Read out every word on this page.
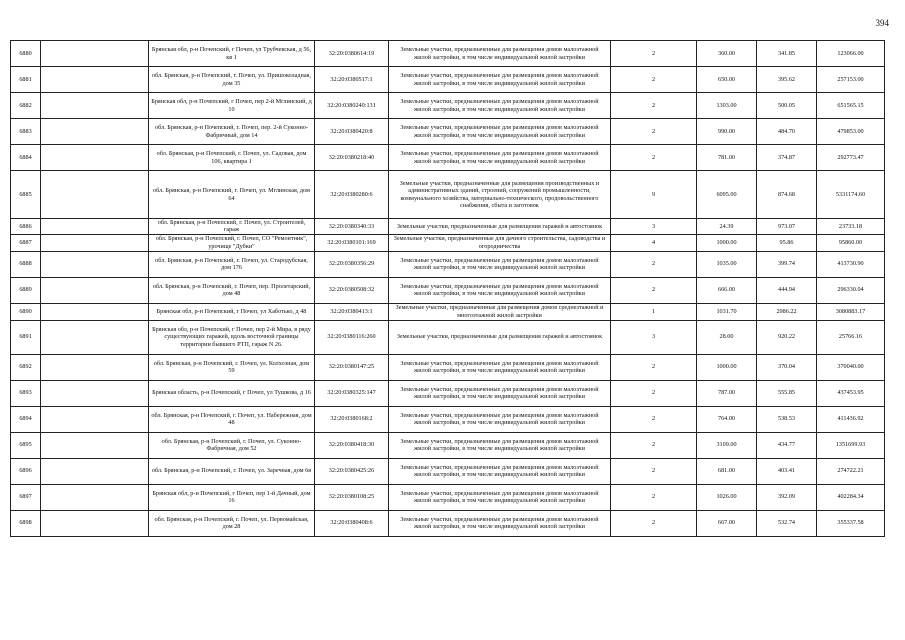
394
6880		Брянская обл, р-н Почепский, г Почеп, ул Трубчевская, д 56, кв 1	32:20:0380614:19	Земельные участки, предназначенные для размещения домов малоэтажной жилой застройки, в том числе индивидуальной жилой застройки	2	360.00	341.85	123066.00
6881		обл. Брянская, р-н Почепский, г. Почеп, ул. Пришоколадная, дом 35	32:20:0380517:1	Земельные участки, предназначенные для размещения домов малоэтажной жилой застройки, в том числе индивидуальной жилой застройки	2	650.00	395.62	257153.00
6882		Брянская обл, р-н Почепский, г Почеп, пер 2-й Мглинский, д 10	32:20:0380240:131	Земельные участки, предназначенные для размещения домов малоэтажной жилой застройки, в том числе индивидуальной жилой застройки	2	1303.00	500.05	651565.15
6883		обл. Брянская, р-н Почепский, г. Почеп, пер. 2-й Суконно-Фабричный, дом 14	32:20:0380420:8	Земельные участки, предназначенные для размещения домов малоэтажной жилой застройки, в том числе индивидуальной жилой застройки	2	990.00	484.70	479853.00
6884		обл. Брянская, р-н Почепский, г. Почеп, ул. Садовая, дом 106, квартира 1	32:20:0380218:40	Земельные участки, предназначенные для размещения домов малоэтажной жилой застройки, в том числе индивидуальной жилой застройки	2	781.00	374.87	292773.47
6885		обл. Брянская, р-н Почепский, г. Почеп, ул. Мглинская, дом 64	32:20:0380280:6	Земельные участки, предназначенные для размещения производственных и административных зданий, строений, сооружений промышленности, коммунального хозяйства, материально-технического, продовольственного снабжения, сбыта и заготовок	9	6095.00	874.68	5331174.60
6886		обл. Брянская, р-н Почепский, г. Почеп, ул. Строителей, гараж	32:20:0380340:33	Земельные участки, предназначенные для размещения гаражей и автостоянок	3	24.39	973.07	23733.18
6887		обл. Брянская, р-н Почепский, г. Почеп, СО "Ремонтник", урочище "Дубки"	32:20:0380101:169	Земельные участки, предназначенные для дачного строительства, садоводства и огородничества	4	1000.00	95.86	95860.00
6888		обл. Брянская, р-н Почепский, г. Почеп, ул. Стародубская, дом 176	32:20:0380356:29	Земельные участки, предназначенные для размещения домов малоэтажной жилой застройки, в том числе индивидуальной жилой застройки	2	1035.00	399.74	413730.90
6889		обл. Брянская, р-н Почепский, г. Почеп, пер. Пролетарский, дом 48	32:20:0380508:32	Земельные участки, предназначенные для размещения домов малоэтажной жилой застройки, в том числе индивидуальной жилой застройки	2	666.00	444.94	296330.04
6890		Брянская обл, р-н Почепский, г Почеп, ул Хаботько, д 48	32:20:0380413:1	Земельные участки, предназначенные для размещения домов среднеэтажной и многоэтажной жилой застройки	1	1031.70	2986.22	3080883.17
6891		Брянская обл, р-н Почепский, г Почеп, пер 2-й Мира, в ряду существующих гаражей, вдоль восточной границы территории бывшего РТП, гараж N 26.	32:20:0380116:260	Земельные участки, предназначенные для размещения гаражей и автостоянок	3	28.00	920.22	25766.16
6892		обл. Брянская, р-н Почепский, г. Почеп, ул. Колхозная, дом 59	32:20:0380147:25	Земельные участки, предназначенные для размещения домов малоэтажной жилой застройки, в том числе индивидуальной жилой застройки	2	1000.00	370.04	370040.00
6893		Брянская область, р-н Почепский, г Почеп, ул Тушкова, д 16	32:20:0380325:147	Земельные участки, предназначенные для размещения домов малоэтажной жилой застройки, в том числе индивидуальной жилой застройки	2	787.00	555.85	437453.95
6894		обл. Брянская, р-н Почепский, г. Почеп, ул. Набережная, дом 48	32:20:0380168:2	Земельные участки, предназначенные для размещения домов малоэтажной жилой застройки, в том числе индивидуальной жилой застройки	2	764.00	538.53	411436.92
6895		обл. Брянская, р-н Почепский, г. Почеп, ул. Суконно-Фабричная, дом 52	32:20:0380418:30	Земельные участки, предназначенные для размещения домов малоэтажной жилой застройки, в том числе индивидуальной жилой застройки	2	3109.00	434.77	1351699.93
6896		обл. Брянская, р-н Почепский, г. Почеп, ул. Заречная, дом 6в	32:20:0380425:26	Земельные участки, предназначенные для размещения домов малоэтажной жилой застройки, в том числе индивидуальной жилой застройки	2	681.00	403.41	274722.21
6897		Брянская обл, р-н Почепский, г Почеп, пер 1-й Дачный, дом 16	32:20:0380108:25	Земельные участки, предназначенные для размещения домов малоэтажной жилой застройки, в том числе индивидуальной жилой застройки	2	1026.00	392.09	402284.34
6898		обл. Брянская, р-н Почепский, г. Почеп, ул. Первомайская, дом 28	32:20:0380408:6	Земельные участки, предназначенные для размещения домов малоэтажной жилой застройки, в том числе индивидуальной жилой застройки	2	667.00	532.74	355337.58
